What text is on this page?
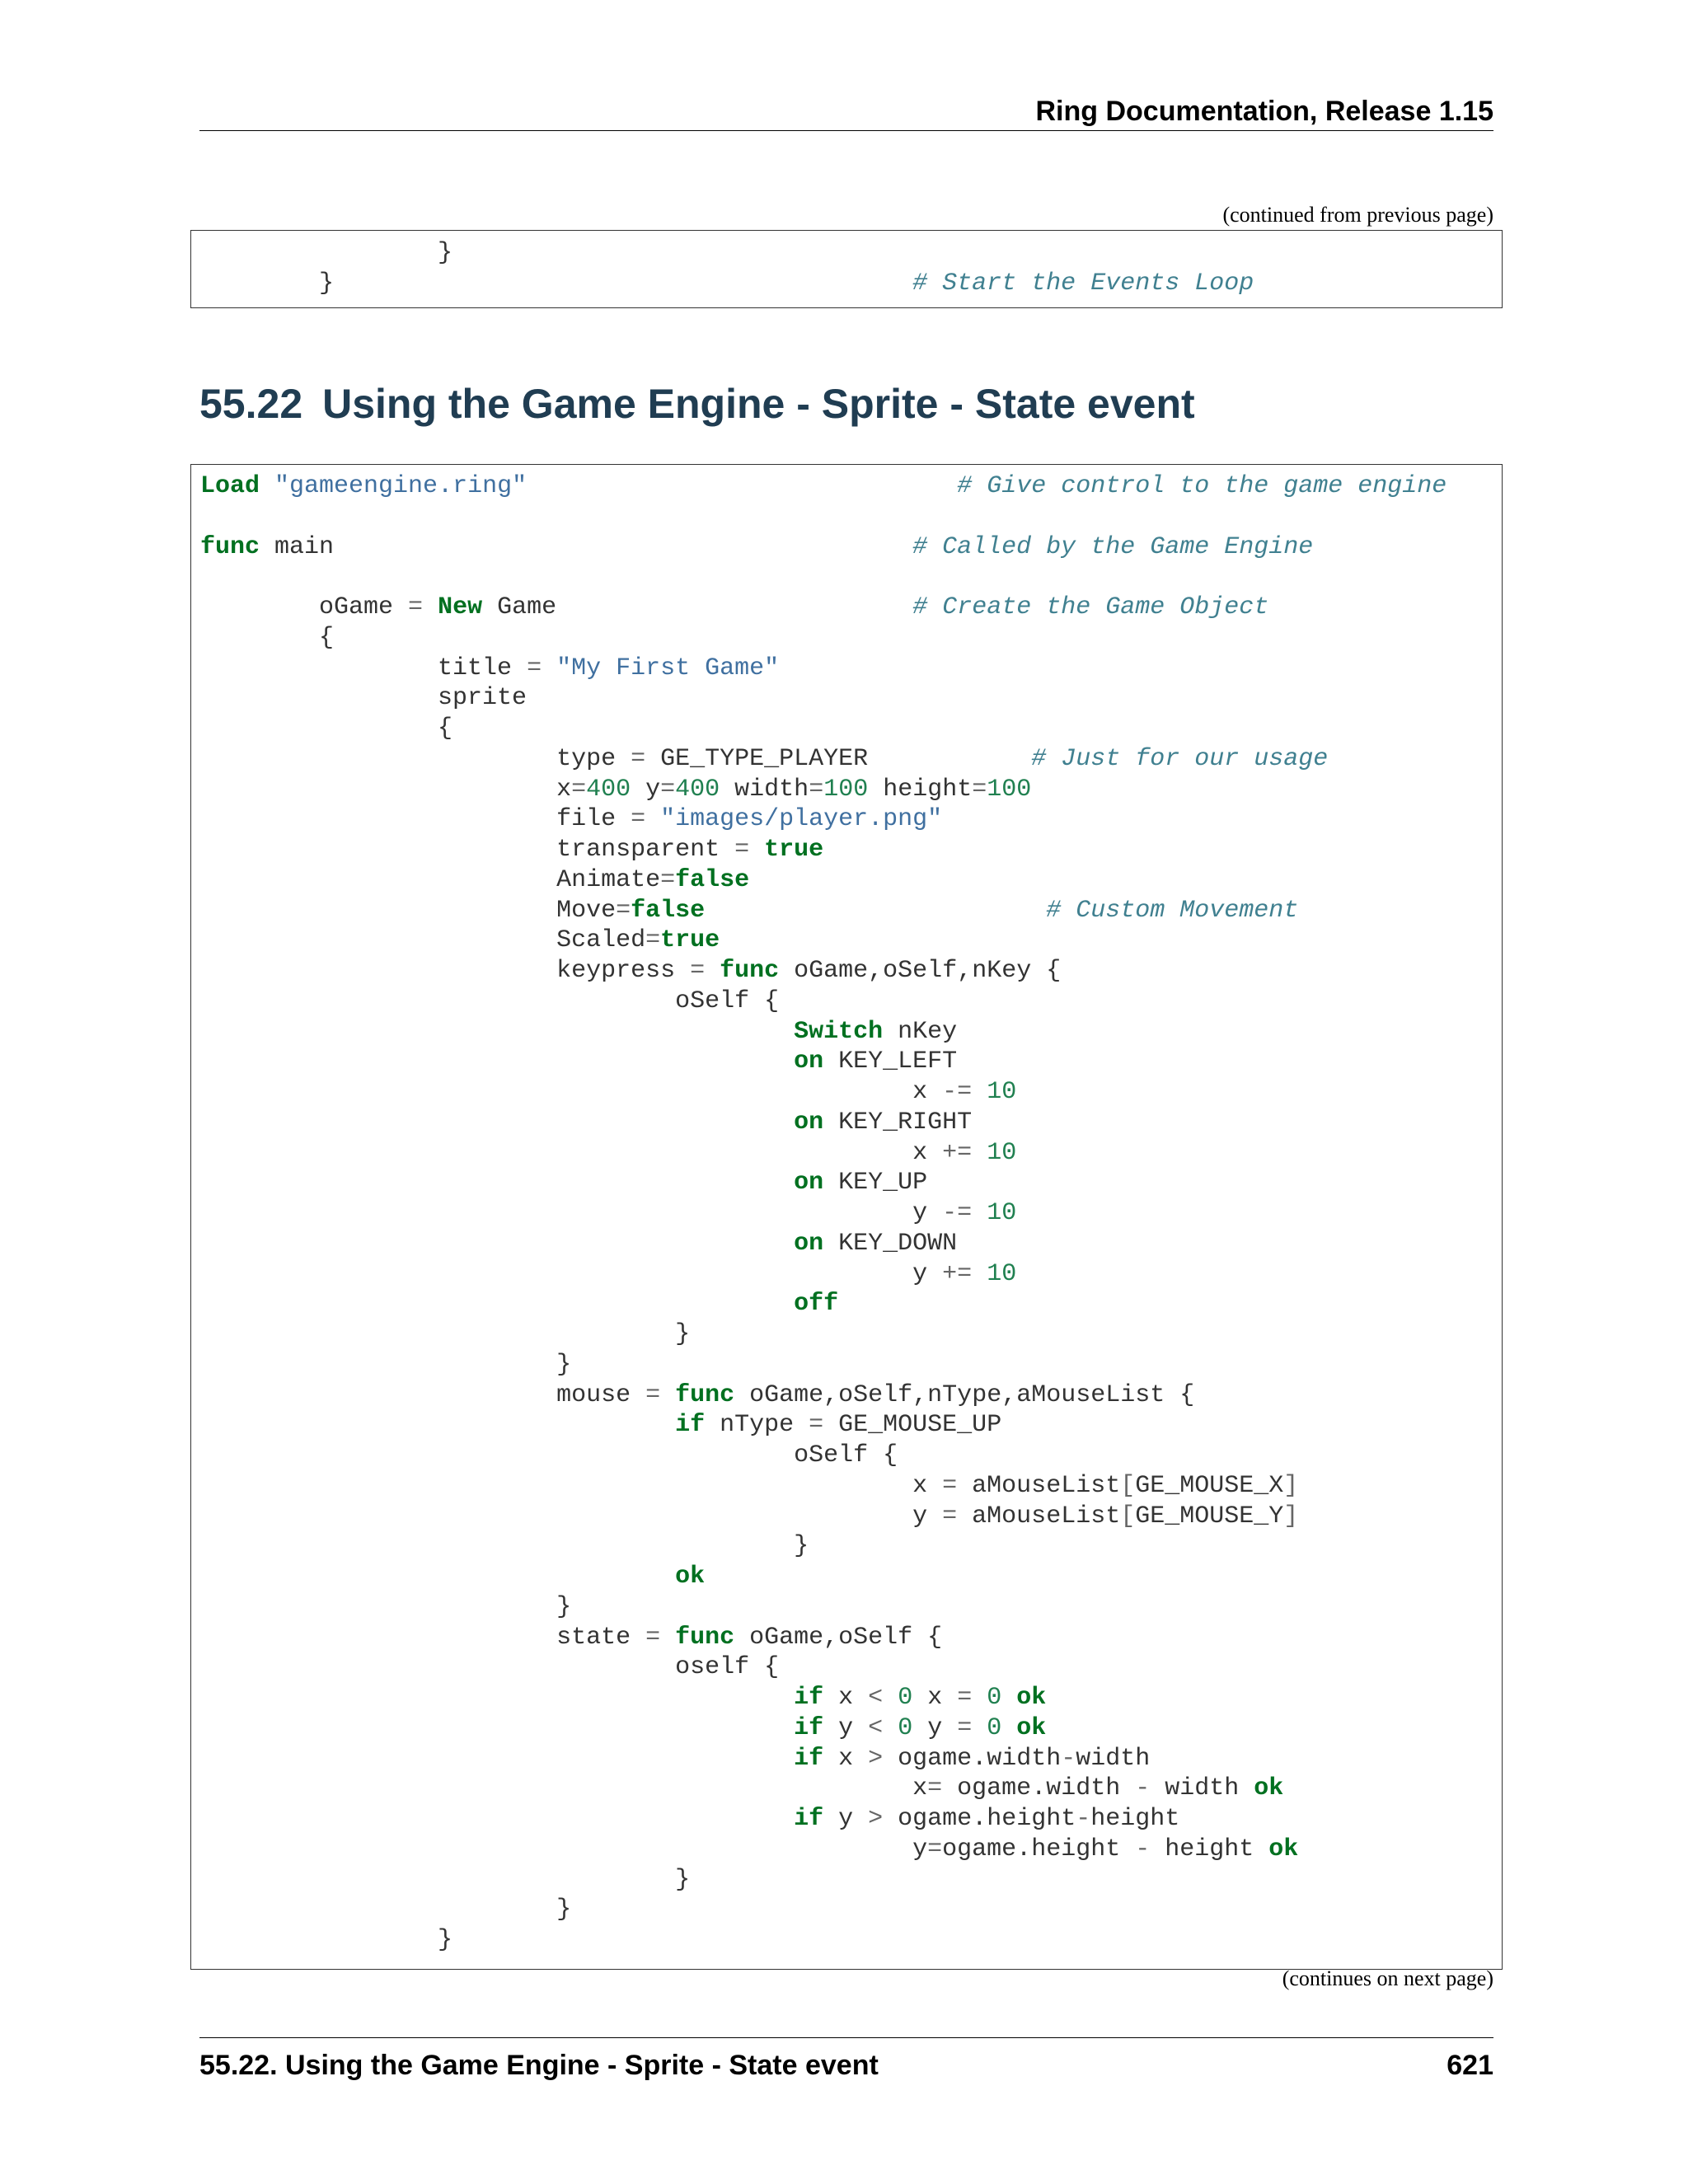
Ring Documentation, Release 1.15
(continued from previous page)
}
}	# Start the Events Loop
55.22 Using the Game Engine - Sprite - State event
Load "gameengine.ring"	# Give control to the game engine
func main	# Called by the Game Engine
oGame = New Game	# Create the Game Object
{
title = "My First Game"
sprite
{
type = GE_TYPE_PLAYER	# Just for our usage
x=400 y=400 width=100 height=100
file = "images/player.png"
transparent = true
Animate=false
Move=false	# Custom Movement
Scaled=true
keypress = func oGame,oSelf,nKey {
oSelf {
Switch nKey
on KEY_LEFT
x -= 10
on KEY_RIGHT
x += 10
on KEY_UP
y -= 10
on KEY_DOWN
y += 10
off
}
}
mouse = func oGame,oSelf,nType,aMouseList {
if nType = GE_MOUSE_UP
oSelf {
x = aMouseList[GE_MOUSE_X]
y = aMouseList[GE_MOUSE_Y]
}
ok
}
state = func oGame,oSelf {
oself {
if x < 0 x = 0 ok
if y < 0 y = 0 ok
if x > ogame.width-width
x= ogame.width - width ok
if y > ogame.height-height
y=ogame.height - height ok
}
}
}
(continues on next page)
55.22. Using the Game Engine - Sprite - State event	621
